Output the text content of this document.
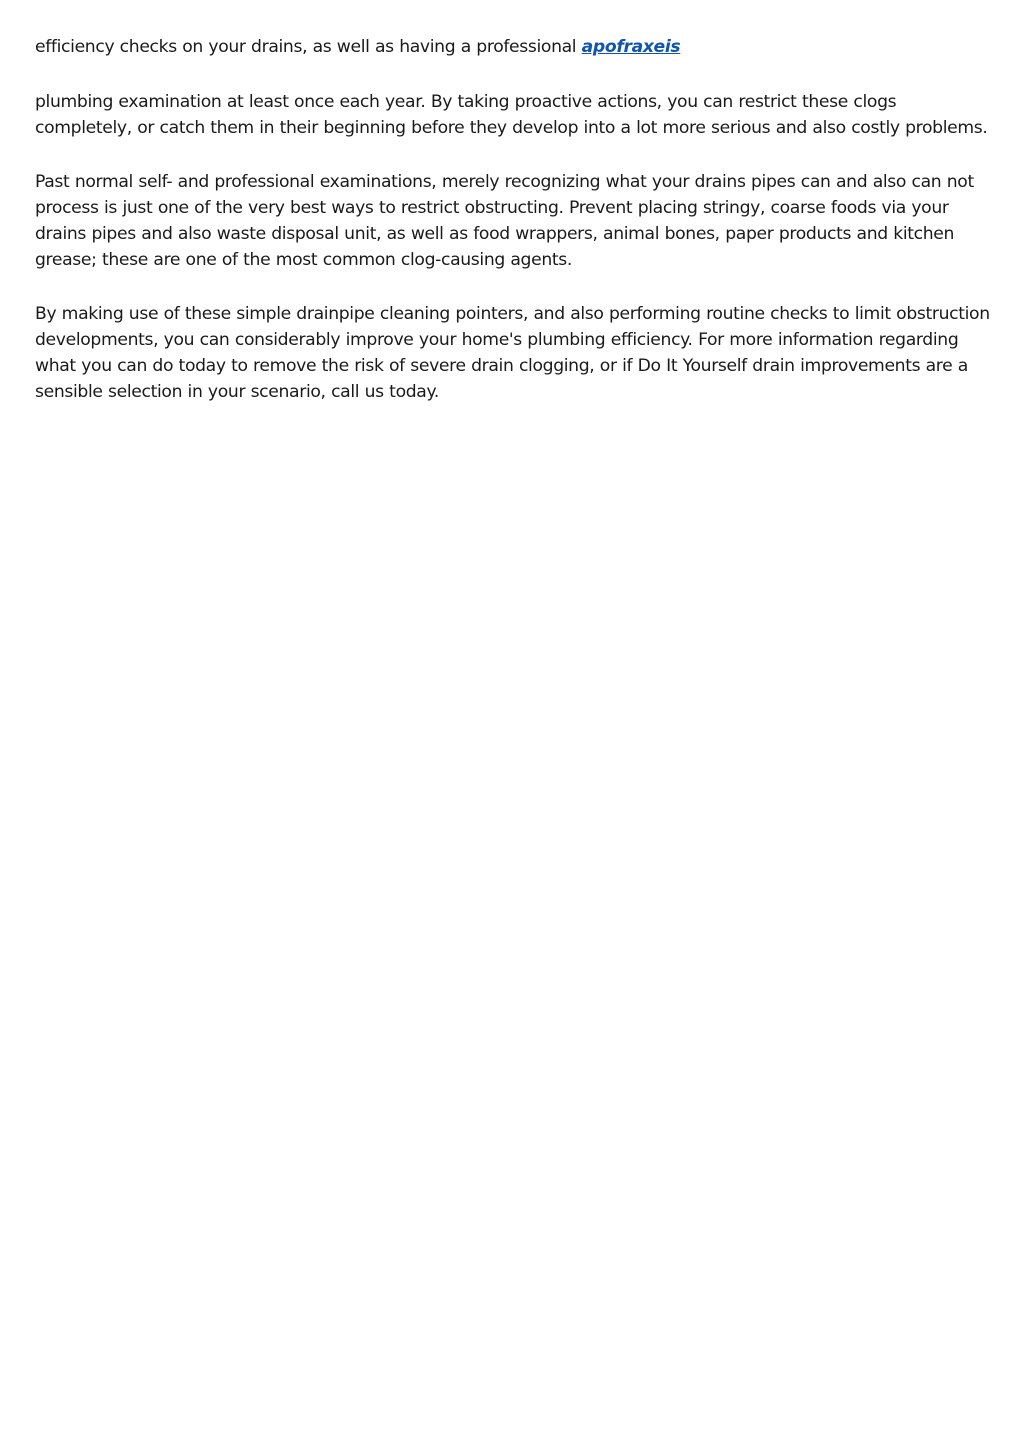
efficiency checks on your drains, as well as having a professional apofraxeis

plumbing examination at least once each year. By taking proactive actions, you can restrict these clogs completely, or catch them in their beginning before they develop into a lot more serious and also costly problems.

Past normal self- and professional examinations, merely recognizing what your drains pipes can and also can not process is just one of the very best ways to restrict obstructing. Prevent placing stringy, coarse foods via your drains pipes and also waste disposal unit, as well as food wrappers, animal bones, paper products and kitchen grease; these are one of the most common clog-causing agents.

By making use of these simple drainpipe cleaning pointers, and also performing routine checks to limit obstruction developments, you can considerably improve your home's plumbing efficiency. For more information regarding what you can do today to remove the risk of severe drain clogging, or if Do It Yourself drain improvements are a sensible selection in your scenario, call us today.
